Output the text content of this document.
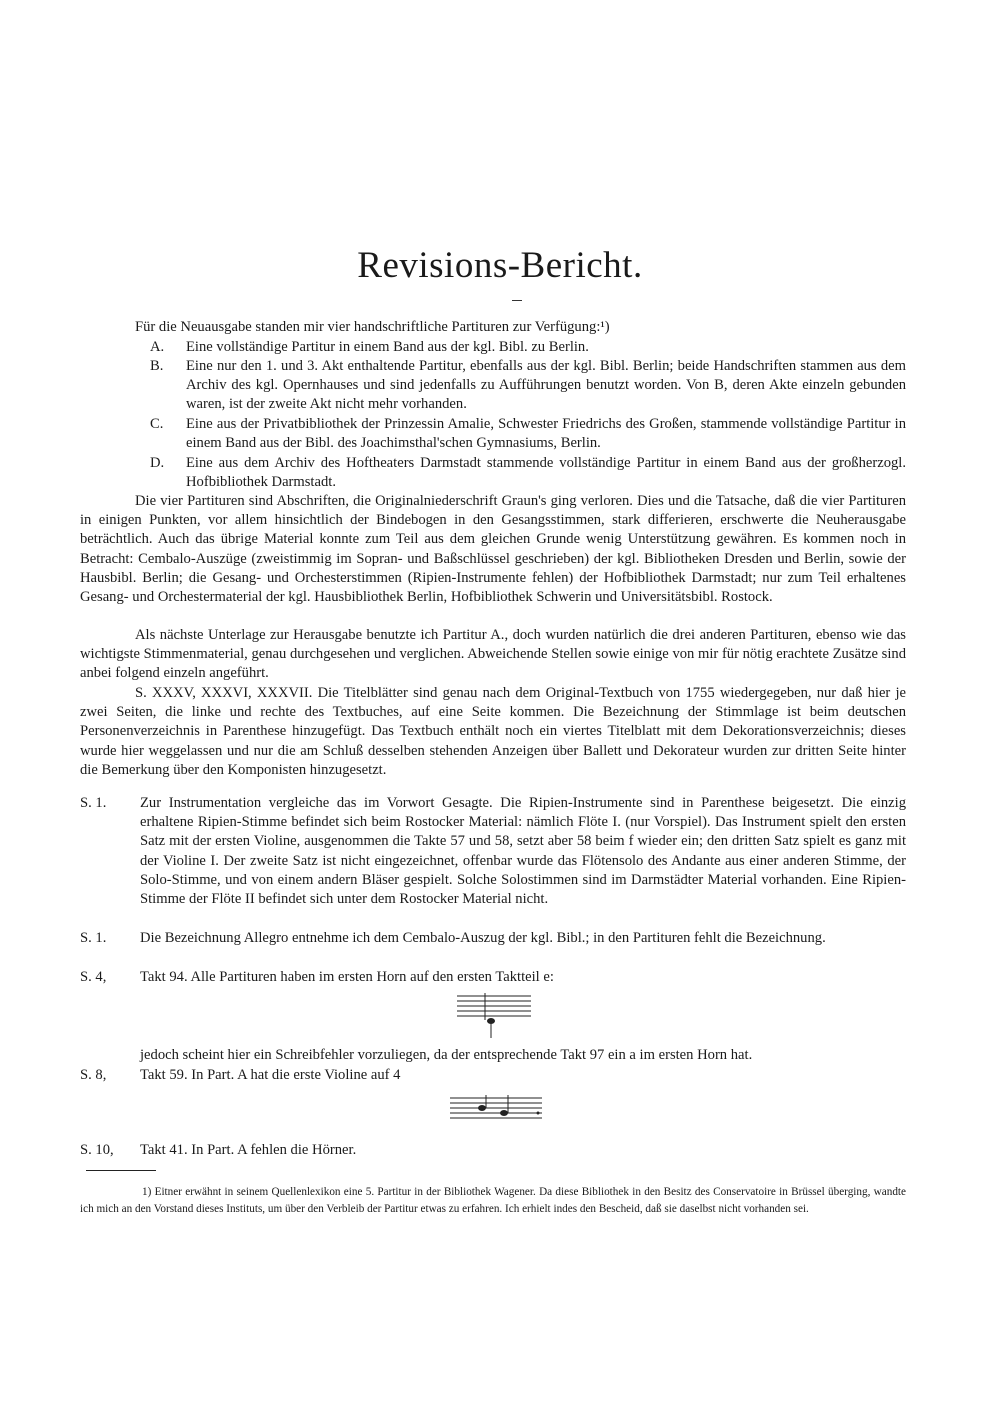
Revisions-Bericht.
Für die Neuausgabe standen mir vier handschriftliche Partituren zur Verfügung:¹)
A.	Eine vollständige Partitur in einem Band aus der kgl. Bibl. zu Berlin.
B.	Eine nur den 1. und 3. Akt enthaltende Partitur, ebenfalls aus der kgl. Bibl. Berlin; beide Handschriften stammen aus dem Archiv des kgl. Opernhauses und sind jedenfalls zu Aufführungen benutzt worden. Von B, deren Akte einzeln gebunden waren, ist der zweite Akt nicht mehr vorhanden.
C.	Eine aus der Privatbibliothek der Prinzessin Amalie, Schwester Friedrichs des Großen, stammende vollständige Partitur in einem Band aus der Bibl. des Joachimsthal'schen Gymnasiums, Berlin.
D.	Eine aus dem Archiv des Hoftheaters Darmstadt stammende vollständige Partitur in einem Band aus der großherzogl. Hofbibliothek Darmstadt.
Die vier Partituren sind Abschriften, die Originalniederschrift Graun's ging verloren. Dies und die Tatsache, daß die vier Partituren in einigen Punkten, vor allem hinsichtlich der Bindebogen in den Gesangsstimmen, stark differieren, erschwerte die Neuherausgabe beträchtlich. Auch das übrige Material konnte zum Teil aus dem gleichen Grunde wenig Unterstützung gewähren. Es kommen noch in Betracht: Cembalo-Auszüge (zweistimmig im Sopran- und Baßschlüssel geschrieben) der kgl. Bibliotheken Dresden und Berlin, sowie der Hausbibl. Berlin; die Gesang- und Orchesterstimmen (Ripien-Instrumente fehlen) der Hofbibliothek Darmstadt; nur zum Teil erhaltenes Gesang- und Orchestermaterial der kgl. Hausbibliothek Berlin, Hofbibliothek Schwerin und Universitätsbibl. Rostock.
Als nächste Unterlage zur Herausgabe benutzte ich Partitur A., doch wurden natürlich die drei anderen Partituren, ebenso wie das wichtigste Stimmenmaterial, genau durchgesehen und verglichen. Abweichende Stellen sowie einige von mir für nötig erachtete Zusätze sind anbei folgend einzeln angeführt.
S. XXXV, XXXVI, XXXVII. Die Titelblätter sind genau nach dem Original-Textbuch von 1755 wiedergegeben, nur daß hier je zwei Seiten, die linke und rechte des Textbuches, auf eine Seite kommen. Die Bezeichnung der Stimmlage ist beim deutschen Personenverzeichnis in Parenthese hinzugefügt. Das Textbuch enthält noch ein viertes Titelblatt mit dem Dekorationsverzeichnis; dieses wurde hier weggelassen und nur die am Schluß desselben stehenden Anzeigen über Ballett und Dekorateur wurden zur dritten Seite hinter die Bemerkung über den Komponisten hinzugesetzt.
S. 1.	Zur Instrumentation vergleiche das im Vorwort Gesagte. Die Ripien-Instrumente sind in Parenthese beigesetzt. Die einzig erhaltene Ripien-Stimme befindet sich beim Rostocker Material: nämlich Flöte I. (nur Vorspiel). Das Instrument spielt den ersten Satz mit der ersten Violine, ausgenommen die Takte 57 und 58, setzt aber 58 beim f wieder ein; den dritten Satz spielt es ganz mit der Violine I. Der zweite Satz ist nicht eingezeichnet, offenbar wurde das Flötensolo des Andante aus einer anderen Stimme, der Solo-Stimme, und von einem andern Bläser gespielt. Solche Solostimmen sind im Darmstädter Material vorhanden. Eine Ripien-Stimme der Flöte II befindet sich unter dem Rostocker Material nicht.
S. 1.	Die Bezeichnung Allegro entnehme ich dem Cembalo-Auszug der kgl. Bibl.; in den Partituren fehlt die Bezeichnung.
S. 4,	Takt 94. Alle Partituren haben im ersten Horn auf den ersten Taktteil e:
jedoch scheint hier ein Schreibfehler vorzuliegen, da der entsprechende Takt 97 ein a im ersten Horn hat.
S. 8,	Takt 59. In Part. A hat die erste Violine auf 4
S. 10,	Takt 41. In Part. A fehlen die Hörner.
1) Eitner erwähnt in seinem Quellenlexikon eine 5. Partitur in der Bibliothek Wagener. Da diese Bibliothek in den Besitz des Conservatoire in Brüssel überging, wandte ich mich an den Vorstand dieses Instituts, um über den Verbleib der Partitur etwas zu erfahren. Ich erhielt indes den Bescheid, daß sie daselbst nicht vorhanden sei.
